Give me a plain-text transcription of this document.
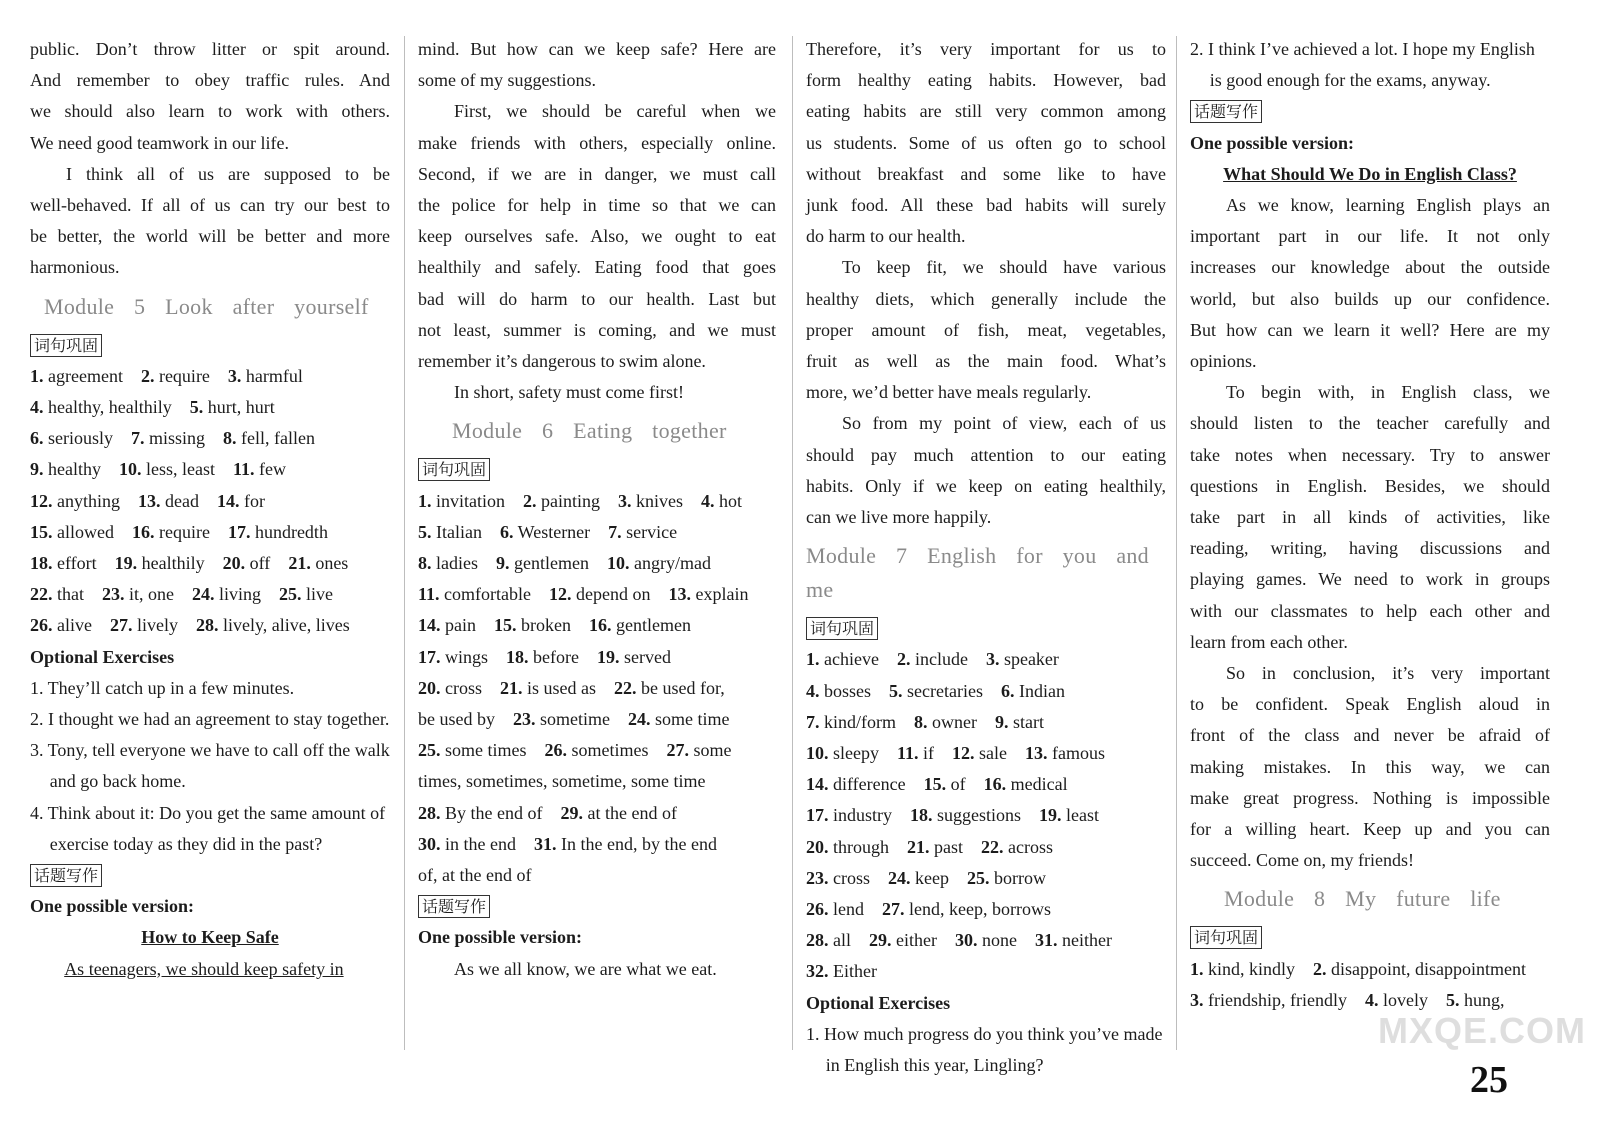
public. Don’t throw litter or spit around.

And remember to obey traffic rules. And

we should also learn to work with others.

We need good teamwork in our life.

I think all of us are supposed to be

well-behaved. If all of us can try our best to

be better, the world will be better and more

harmonious.

Module 5 Look after yourself
词句巩固

1. agreement  2. require  3. harmful

4. healthy, healthily  5. hurt, hurt

6. seriously  7. missing  8. fell, fallen

9. healthy  10. less, least  11. few

12. anything  13. dead  14. for

15. allowed  16. require  17. hundredth

18. effort  19. healthily  20. off  21. ones

22. that  23. it, one  24. living  25. live

26. alive  27. lively  28. lively, alive, lives

Optional Exercises

1. They’ll catch up in a few minutes.

2. I thought we had an agreement to stay together.

3. Tony, tell everyone we have to call off the walk and go back home.

4. Think about it: Do you get the same amount of exercise today as they did in the past?

话题写作

One possible version:

How to Keep Safe

As teenagers, we should keep safety in

mind. But how can we keep safe? Here are

some of my suggestions.

First, we should be careful when we

make friends with others, especially online.

Second, if we are in danger, we must call

the police for help in time so that we can

keep ourselves safe. Also, we ought to eat

healthily and safely. Eating food that goes

bad will do harm to our health. Last but

not least, summer is coming, and we must

remember it’s dangerous to swim alone.

In short, safety must come first!

Module 6 Eating together
词句巩固

1. invitation  2. painting  3. knives  4. hot

5. Italian  6. Westerner  7. service

8. ladies  9. gentlemen  10. angry/mad

11. comfortable  12. depend on  13. explain

14. pain  15. broken  16. gentlemen

17. wings  18. before  19. served

20. cross  21. is used as  22. be used for,

be used by  23. sometime  24. some time

25. some times  26. sometimes  27. some

times, sometimes, sometime, some time

28. By the end of  29. at the end of

30. in the end  31. In the end, by the end

of, at the end of

话题写作

One possible version:

As we all know, we are what we eat.

Therefore, it’s very important for us to

form healthy eating habits. However, bad

eating habits are still very common among

us students. Some of us often go to school

without breakfast and some like to have

junk food. All these bad habits will surely

do harm to our health.

To keep fit, we should have various

healthy diets, which generally include the

proper amount of fish, meat, vegetables,

fruit as well as the main food. What’s

more, we’d better have meals regularly.

So from my point of view, each of us

should pay much attention to our eating

habits. Only if we keep on eating healthily,

can we live more happily.

Module 7 English for you and me
词句巩固

1. achieve  2. include  3. speaker

4. bosses  5. secretaries  6. Indian

7. kind/form  8. owner  9. start

10. sleepy  11. if  12. sale  13. famous

14. difference  15. of  16. medical

17. industry  18. suggestions  19. least

20. through  21. past  22. across

23. cross  24. keep  25. borrow

26. lend  27. lend, keep, borrows

28. all  29. either  30. none  31. neither

32. Either

Optional Exercises

1. How much progress do you think you’ve made in English this year, Lingling?

2. I think I’ve achieved a lot. I hope my English is good enough for the exams, anyway.

话题写作

One possible version:

What Should We Do in English Class?

As we know, learning English plays an

important part in our life. It not only

increases our knowledge about the outside

world, but also builds up our confidence.

But how can we learn it well? Here are my

opinions.

To begin with, in English class, we

should listen to the teacher carefully and

take notes when necessary. Try to answer

questions in English. Besides, we should

take part in all kinds of activities, like

reading, writing, having discussions and

playing games. We need to work in groups

with our classmates to help each other and

learn from each other.

So in conclusion, it’s very important

to be confident. Speak English aloud in

front of the class and never be afraid of

making mistakes. In this way, we can

make great progress. Nothing is impossible

for a willing heart. Keep up and you can

succeed. Come on, my friends!

Module 8 My future life
词句巩固

1. kind, kindly  2. disappoint, disappointment

3. friendship, friendly  4. lovely  5. hung,

MXQE.COM
25
